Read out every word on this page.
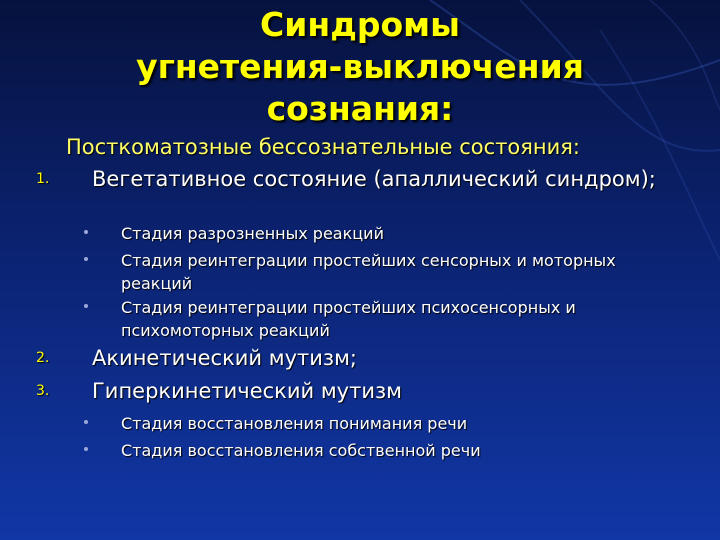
Синдромы
угнетения-выключения
сознания:
Посткоматозные бессознательные состояния:
1. Вегетативное состояние (апаллический синдром);
Стадия разрозненных реакций
Стадия реинтеграции простейших сенсорных и моторных реакций
Стадия реинтеграции простейших психосенсорных и психомоторных реакций
2. Акинетический мутизм;
3. Гиперкинетический мутизм
Стадия восстановления понимания речи
Стадия восстановления собственной речи
